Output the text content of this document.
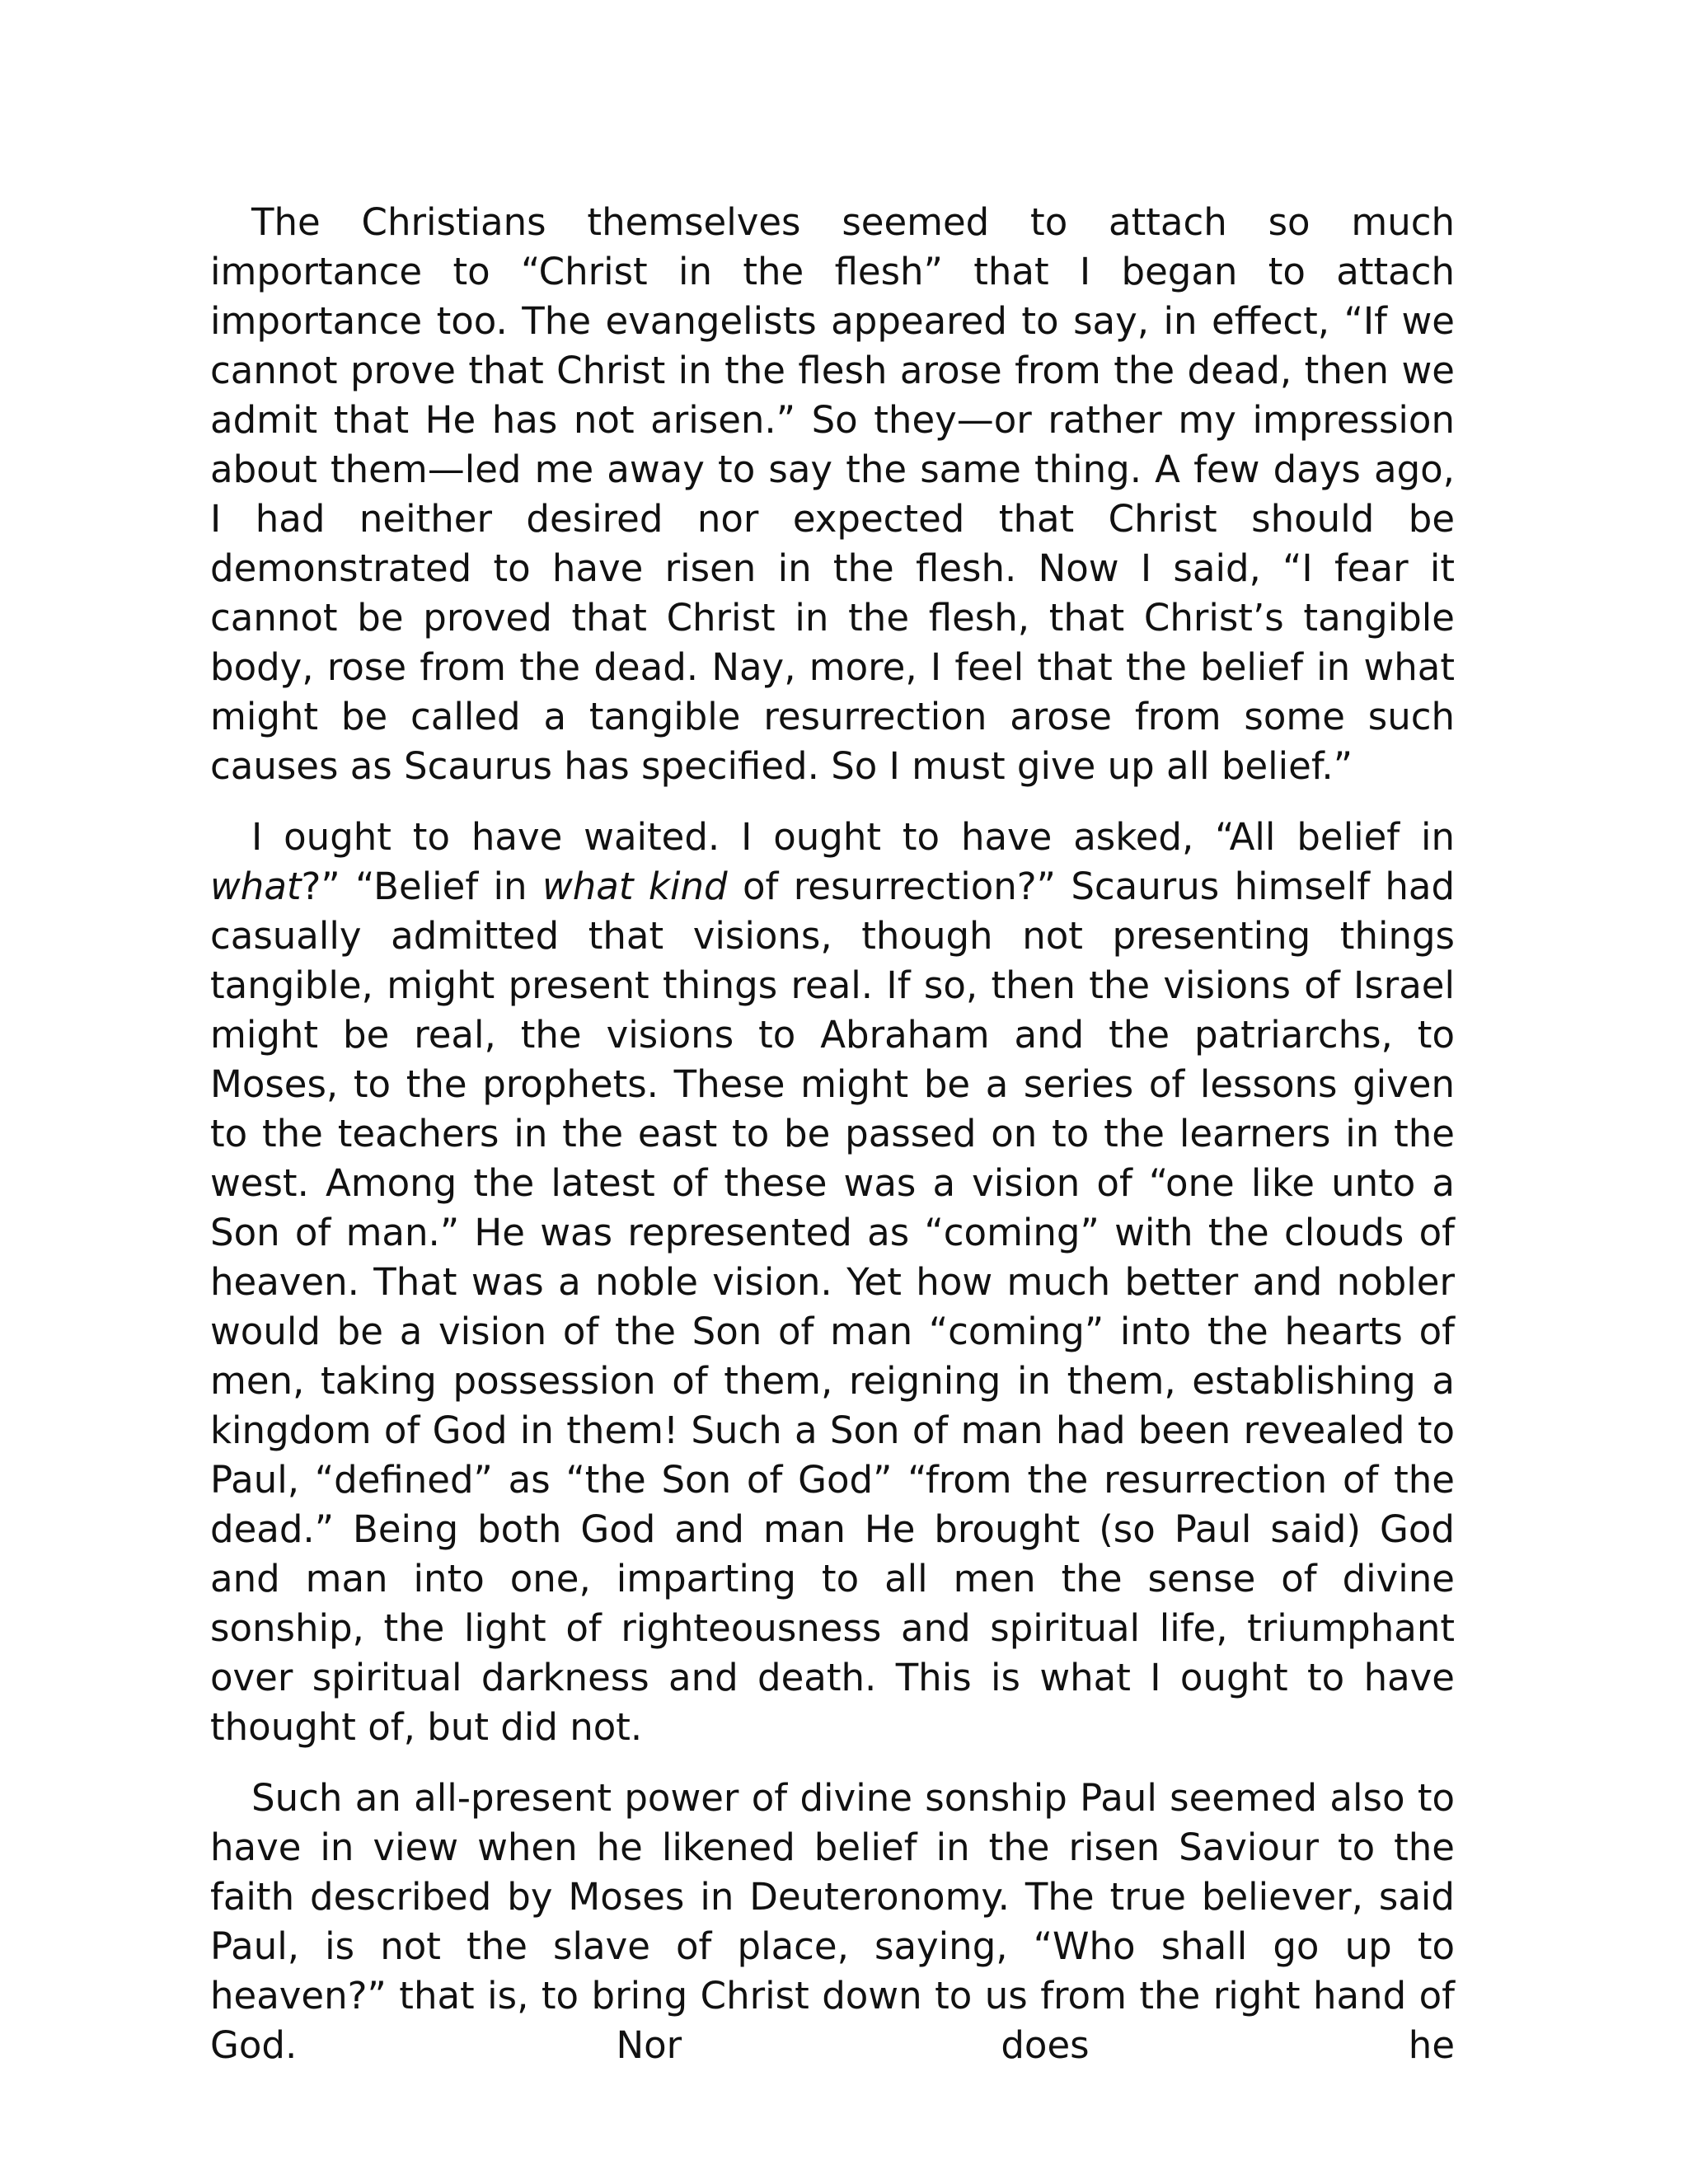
The Christians themselves seemed to attach so much importance to “Christ in the flesh” that I began to attach importance too. The evangelists appeared to say, in effect, “If we cannot prove that Christ in the flesh arose from the dead, then we admit that He has not arisen.” So they—or rather my impression about them—led me away to say the same thing. A few days ago, I had neither desired nor expected that Christ should be demonstrated to have risen in the flesh. Now I said, “I fear it cannot be proved that Christ in the flesh, that Christ’s tangible body, rose from the dead. Nay, more, I feel that the belief in what might be called a tangible resurrection arose from some such causes as Scaurus has specified. So I must give up all belief.”

I ought to have waited. I ought to have asked, “All belief in what?” “Belief in what kind of resurrection?” Scaurus himself had casually admitted that visions, though not presenting things tangible, might present things real. If so, then the visions of Israel might be real, the visions to Abraham and the patriarchs, to Moses, to the prophets. These might be a series of lessons given to the teachers in the east to be passed on to the learners in the west. Among the latest of these was a vision of “one like unto a Son of man.” He was represented as “coming” with the clouds of heaven. That was a noble vision. Yet how much better and nobler would be a vision of the Son of man “coming” into the hearts of men, taking possession of them, reigning in them, establishing a kingdom of God in them! Such a Son of man had been revealed to Paul, “defined” as “the Son of God” “from the resurrection of the dead.” Being both God and man He brought (so Paul said) God and man into one, imparting to all men the sense of divine sonship, the light of righteousness and spiritual life, triumphant over spiritual darkness and death. This is what I ought to have thought of, but did not.

Such an all-present power of divine sonship Paul seemed also to have in view when he likened belief in the risen Saviour to the faith described by Moses in Deuteronomy. The true believer, said Paul, is not the slave of place, saying, “Who shall go up to heaven?” that is, to bring Christ down to us from the right hand of God. Nor does he
